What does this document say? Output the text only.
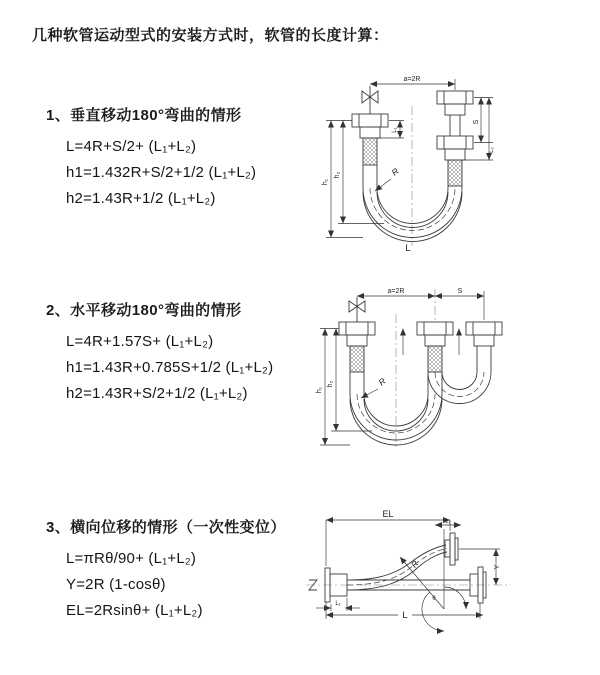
几种软管运动型式的安装方式时，软管的长度计算：
1、垂直移动180°弯曲的情形
L=4R+S/2+ (L₁+L₂)
h1=1.432R+S/2+1/2 (L₁+L₂)
h2=1.43R+1/2 (L₁+L₂)
2、水平移动180°弯曲的情形
L=4R+1.57S+ (L₁+L₂)
h1=1.43R+0.785S+1/2 (L₁+L₂)
h2=1.43R+S/2+1/2 (L₁+L₂)
3、横向位移的情形（一次性变位）
L=πRθ/90+ (L₁+L₂)
Y=2R (1-cosθ)
EL=2Rsinθ+ (L₁+L₂)
a=2R
S
L₂
L₁
h₁
h₂	R
L
a=2R	S
h₁
h₂	R
EL
L₁
Y
R
θ
L
L₁
